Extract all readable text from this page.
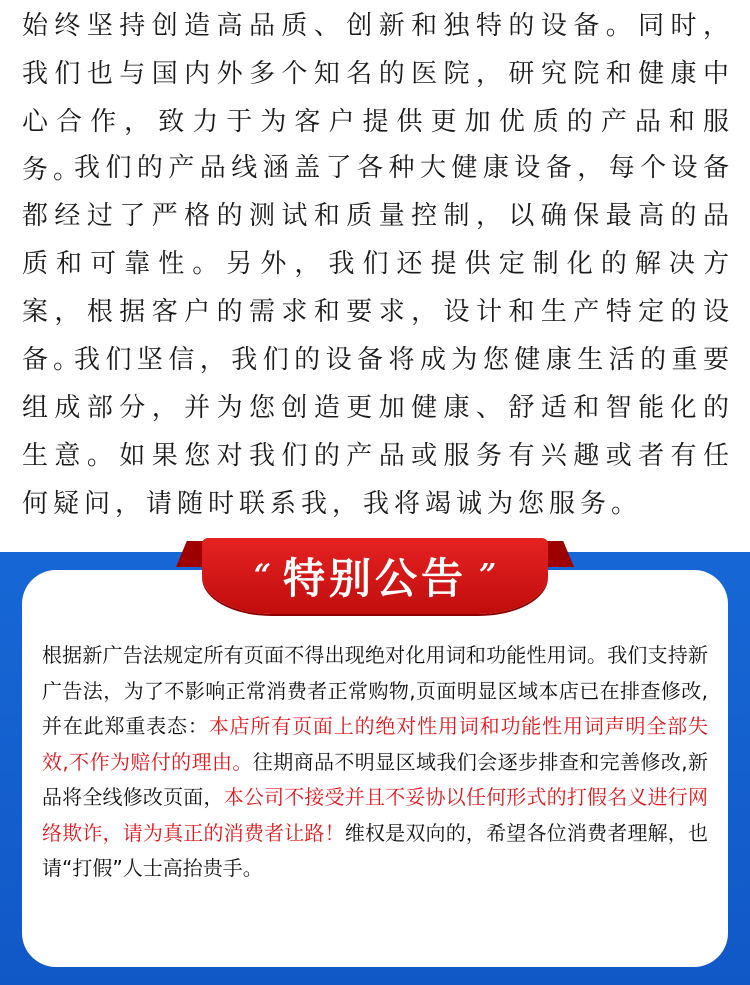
始终坚持创造高品质、创新和独特的设备。同时，我们也与国内外多个知名的医院，研究院和健康中心合作，致力于为客户提供更加优质的产品和服务。

我们的产品线涵盖了各种大健康设备，每个设备都经过了严格的测试和质量控制，以确保最高的品质和可靠性。另外，我们还提供定制化的解决方案，根据客户的需求和要求，设计和生产特定的设备。

我们坚信，我们的设备将成为您健康生活的重要组成部分，并为您创造更加健康、舒适和智能化的生意。如果您对我们的产品或服务有兴趣或者有任何疑问，请随时联系我，我将竭诚为您服务。

“ 特别公告 ”

根据新广告法规定所有页面不得出现绝对化用词和功能性用词。我们支持新广告法，为了不影响正常消费者正常购物,页面明显区域本店已在排查修改,并在此郑重表态：本店所有页面上的绝对性用词和功能性用词声明全部失效,不作为赔付的理由。往期商品不明显区域我们会逐步排查和完善修改,新品将全线修改页面，本公司不接受并且不妥协以任何形式的打假名义进行网络欺诈，请为真正的消费者让路！维权是双向的，希望各位消费者理解，也请“打假”人士高抬贵手。
